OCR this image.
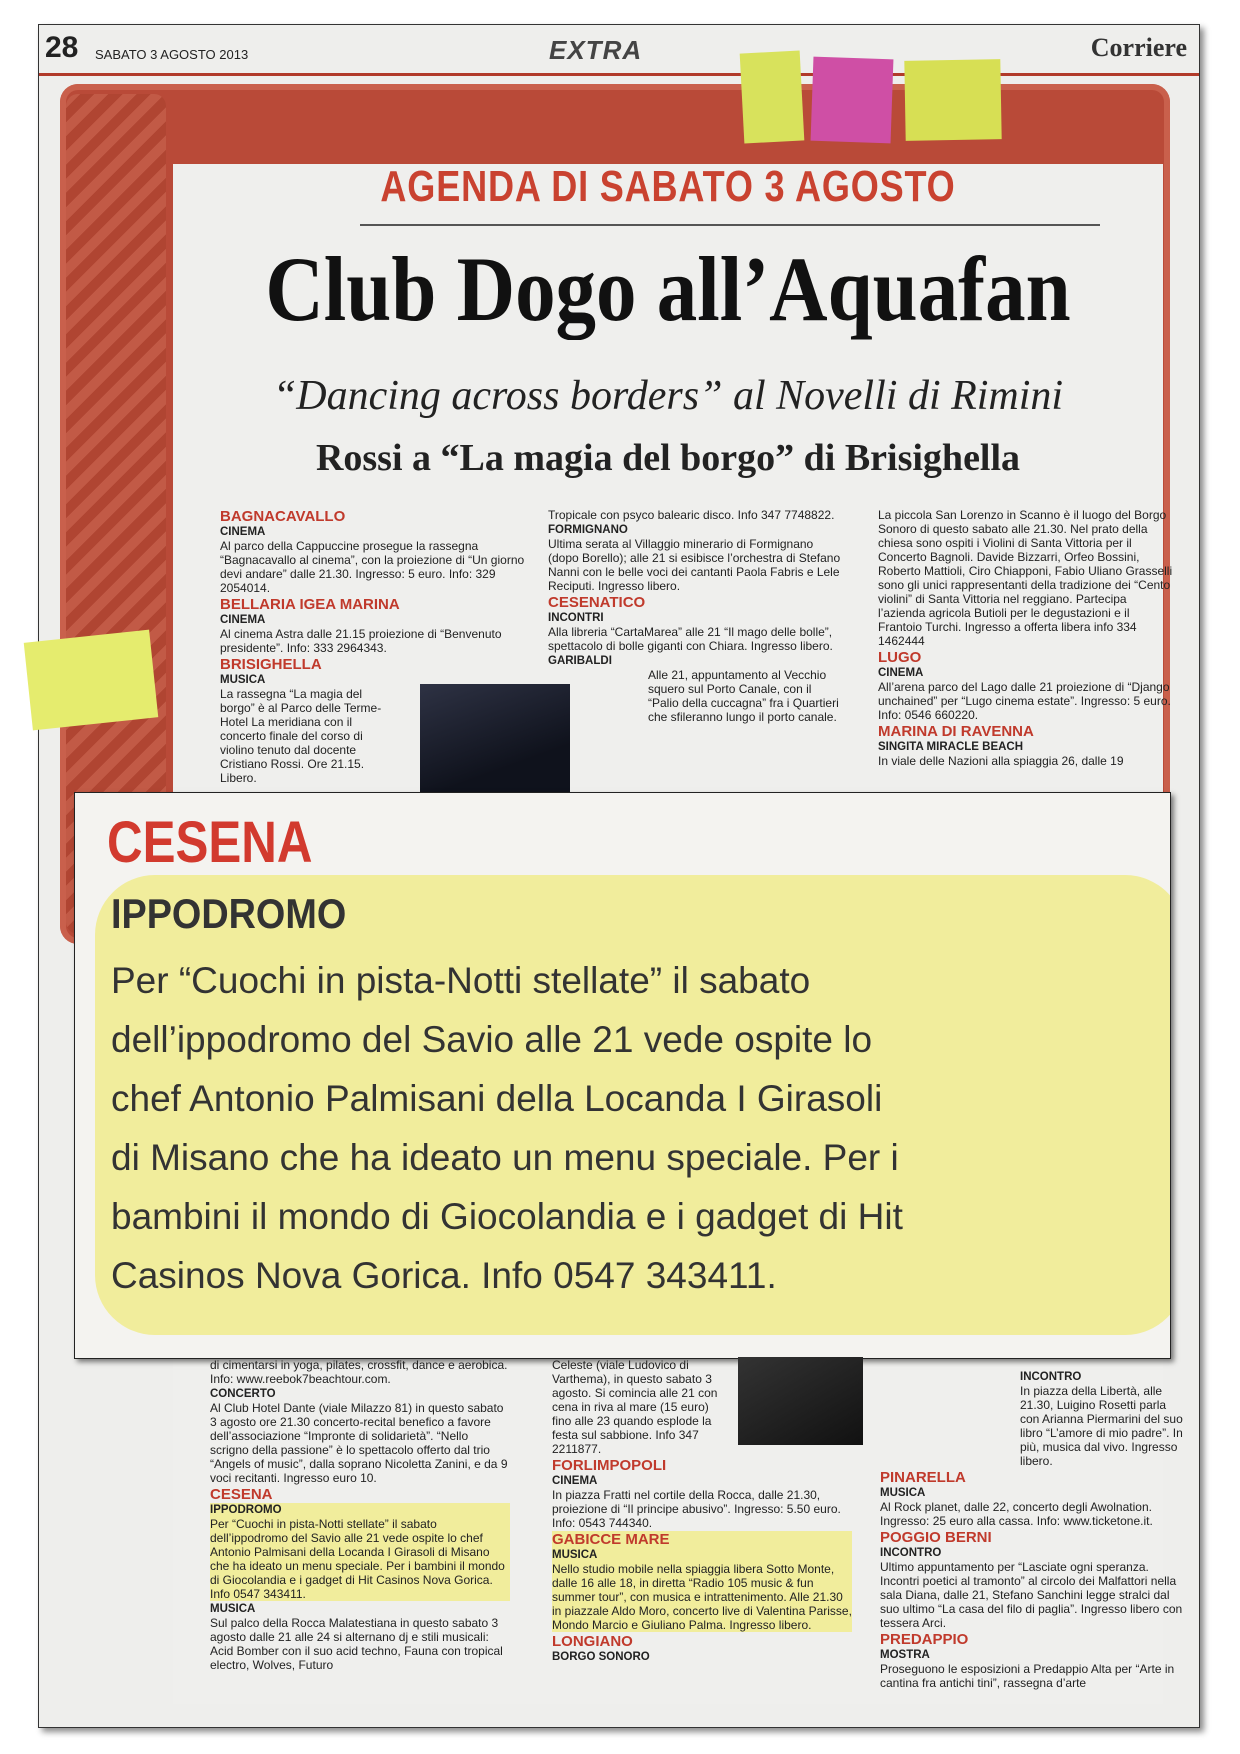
28 SABATO 3 AGOSTO 2013	EXTRA	Corriere
AGENDA DI SABATO 3 AGOSTO
Club Dogo all’Aquafan
“Dancing across borders” al Novelli di Rimini
Rossi a “La magia del borgo” di Brisighella
BAGNACAVALLO
CINEMA

Al parco della Cappuccine prosegue la rassegna “Bagnacavallo al cinema”, con la proiezione di “Un giorno devi andare” dalle 21.30. Ingresso: 5 euro. Info: 329 2054014.

BELLARIA IGEA MARINA
CINEMA

Al cinema Astra dalle 21.15 proiezione di “Benvenuto presidente”. Info: 333 2964343.

BRISIGHELLA
MUSICA

La rassegna “La magia del borgo” è al Parco delle Terme-Hotel La meridiana con il concerto finale del corso di violino tenuto dal docente Cristiano Rossi. Ore 21.15. Libero.

Tropicale con psyco balearic disco. Info 347 7748822.

FORMIGNANO

Ultima serata al Villaggio minerario di Formignano (dopo Borello); alle 21 si esibisce l’orchestra di Stefano Nanni con le belle voci dei cantanti Paola Fabris e Lele Reciputi. Ingresso libero.

CESENATICO
INCONTRI

Alla libreria “CartaMarea” alle 21 “Il mago delle bolle”, spettacolo di bolle giganti con Chiara. Ingresso libero.

GARIBALDI

Alle 21, appuntamento al Vecchio squero sul Porto Canale, con il “Palio della cuccagna” fra i Quartieri che sfileranno lungo il porto canale.

La piccola San Lorenzo in Scanno è il luogo del Borgo Sonoro di questo sabato alle 21.30. Nel prato della chiesa sono ospiti i Violini di Santa Vittoria per il Concerto Bagnoli. Davide Bizzarri, Orfeo Bossini, Roberto Mattioli, Ciro Chiapponi, Fabio Uliano Grasselli sono gli unici rappresentanti della tradizione dei “Cento violini” di Santa Vittoria nel reggiano. Partecipa l’azienda agricola Butioli per le degustazioni e il Frantoio Turchi. Ingresso a offerta libera info 334 1462444

LUGO
CINEMA

All’arena parco del Lago dalle 21 proiezione di “Django unchained” per “Lugo cinema estate”. Ingresso: 5 euro. Info: 0546 660220.

MARINA DI RAVENNA
SINGITA MIRACLE BEACH

In viale delle Nazioni alla spiaggia 26, dalle 19

CESENA
IPPODROMO
Per “Cuochi in pista-Notti stellate” il sabato
dell’ippodromo del Savio alle 21 vede ospite lo
chef Antonio Palmisani della Locanda I Girasoli
di Misano che ha ideato un menu speciale. Per i
bambini il mondo di Giocolandia e i gadget di Hit
Casinos Nova Gorica. Info 0547 343411.

di cimentarsi in yoga, pilates, crossfit, dance e aerobica. Info: www.reebok7beachtour.com.

CONCERTO

Al Club Hotel Dante (viale Milazzo 81) in questo sabato 3 agosto ore 21.30 concerto-recital benefico a favore dell’associazione “Impronte di solidarietà”. “Nello scrigno della passione” è lo spettacolo offerto dal trio “Angels of music”, dalla soprano Nicoletta Zanini, e da 9 voci recitanti. Ingresso euro 10.

CESENA
IPPODROMO

Per “Cuochi in pista-Notti stellate” il sabato dell’ippodromo del Savio alle 21 vede ospite lo chef Antonio Palmisani della Locanda I Girasoli di Misano che ha ideato un menu speciale. Per i bambini il mondo di Giocolandia e i gadget di Hit Casinos Nova Gorica. Info 0547 343411.

MUSICA

Sul palco della Rocca Malatestiana in questo sabato 3 agosto dalle 21 alle 24 si alternano dj e stili musicali: Acid Bomber con il suo acid techno, Fauna con tropical electro, Wolves, Futuro

Celeste (viale Ludovico di Varthema), in questo sabato 3 agosto. Si comincia alle 21 con cena in riva al mare (15 euro) fino alle 23 quando esplode la festa sul sabbione. Info 347 2211877.

FORLIMPOPOLI
CINEMA

In piazza Fratti nel cortile della Rocca, dalle 21.30, proiezione di “Il principe abusivo”. Ingresso: 5.50 euro. Info: 0543 744340.

GABICCE MARE
MUSICA

Nello studio mobile nella spiaggia libera Sotto Monte, dalle 16 alle 18, in diretta “Radio 105 music & fun summer tour”, con musica e intrattenimento. Alle 21.30 in piazzale Aldo Moro, concerto live di Valentina Parisse, Mondo Marcio e Giuliano Palma. Ingresso libero.

LONGIANO
BORGO SONORO
INCONTRO

In piazza della Libertà, alle 21.30, Luigino Rosetti parla con Arianna Piermarini del suo libro “L’amore di mio padre”. In più, musica dal vivo. Ingresso libero.

PINARELLA
MUSICA

Al Rock planet, dalle 22, concerto degli Awolnation. Ingresso: 25 euro alla cassa. Info: www.ticketone.it.

POGGIO BERNI
INCONTRO

Ultimo appuntamento per “Lasciate ogni speranza. Incontri poetici al tramonto” al circolo dei Malfattori nella sala Diana, dalle 21, Stefano Sanchini legge stralci dal suo ultimo “La casa del filo di paglia”. Ingresso libero con tessera Arci.

PREDAPPIO
MOSTRA

Proseguono le esposizioni a Predappio Alta per “Arte in cantina fra antichi tini”, rassegna d’arte
